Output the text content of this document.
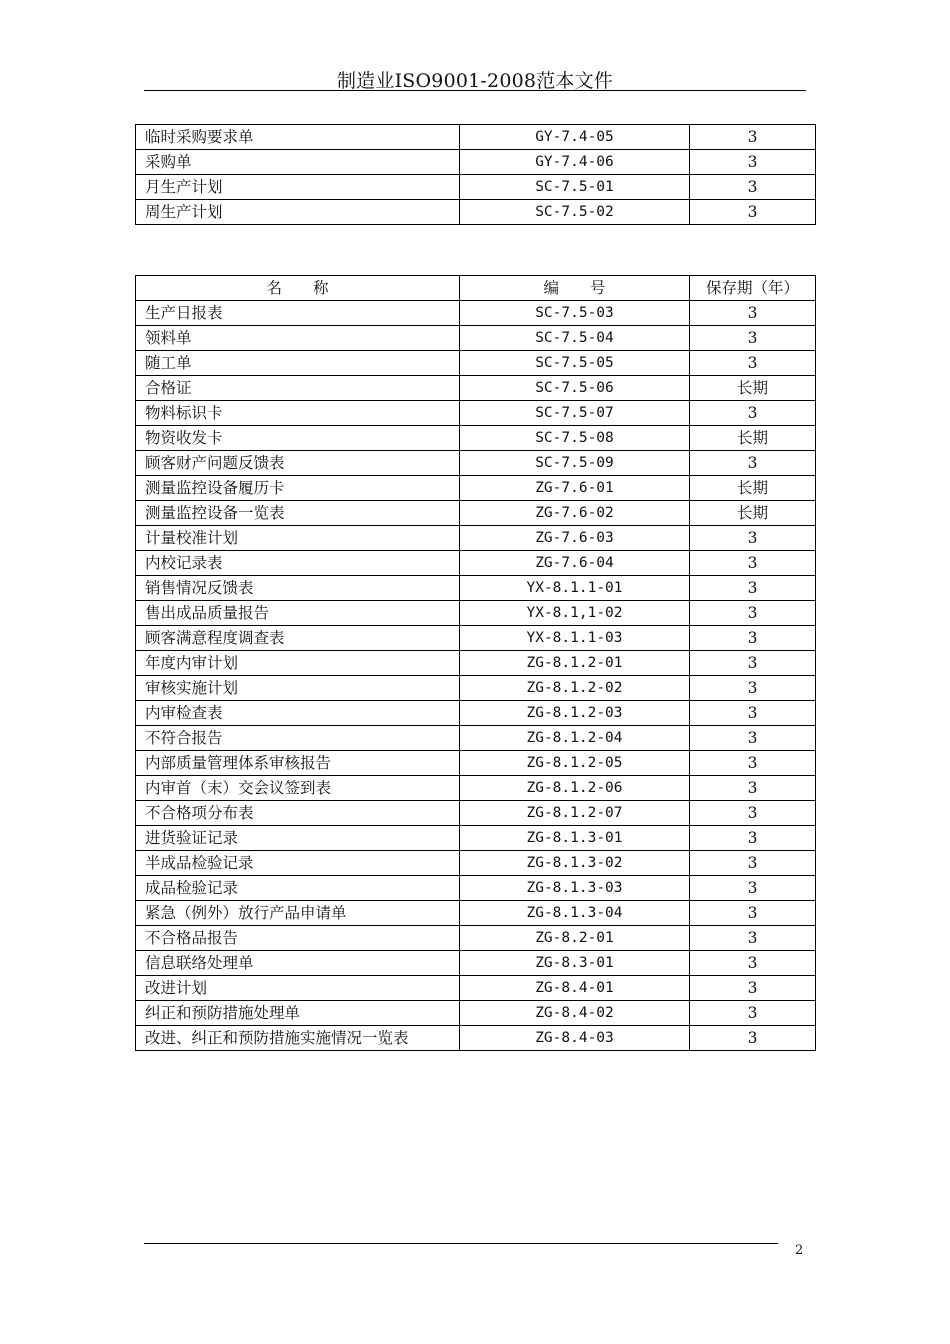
制造业ISO9001-2008范本文件
临时采购要求单	GY-7.4-05	3
采购单	GY-7.4-06	3
月生产计划	SC-7.5-01	3
周生产计划	SC-7.5-02	3
名　　称	编　　号	保存期（年）
生产日报表	SC-7.5-03	3
领料单	SC-7.5-04	3
随工单	SC-7.5-05	3
合格证	SC-7.5-06	长期
物料标识卡	SC-7.5-07	3
物资收发卡	SC-7.5-08	长期
顾客财产问题反馈表	SC-7.5-09	3
测量监控设备履历卡	ZG-7.6-01	长期
测量监控设备一览表	ZG-7.6-02	长期
计量校准计划	ZG-7.6-03	3
内校记录表	ZG-7.6-04	3
销售情况反馈表	YX-8.1.1-01	3
售出成品质量报告	YX-8.1,1-02	3
顾客满意程度调查表	YX-8.1.1-03	3
年度内审计划	ZG-8.1.2-01	3
审核实施计划	ZG-8.1.2-02	3
内审检查表	ZG-8.1.2-03	3
不符合报告	ZG-8.1.2-04	3
内部质量管理体系审核报告	ZG-8.1.2-05	3
内审首（末）交会议签到表	ZG-8.1.2-06	3
不合格项分布表	ZG-8.1.2-07	3
进货验证记录	ZG-8.1.3-01	3
半成品检验记录	ZG-8.1.3-02	3
成品检验记录	ZG-8.1.3-03	3
紧急（例外）放行产品申请单	ZG-8.1.3-04	3
不合格品报告	ZG-8.2-01	3
信息联络处理单	ZG-8.3-01	3
改进计划	ZG-8.4-01	3
纠正和预防措施处理单	ZG-8.4-02	3
改进、纠正和预防措施实施情况一览表	ZG-8.4-03	3
2
